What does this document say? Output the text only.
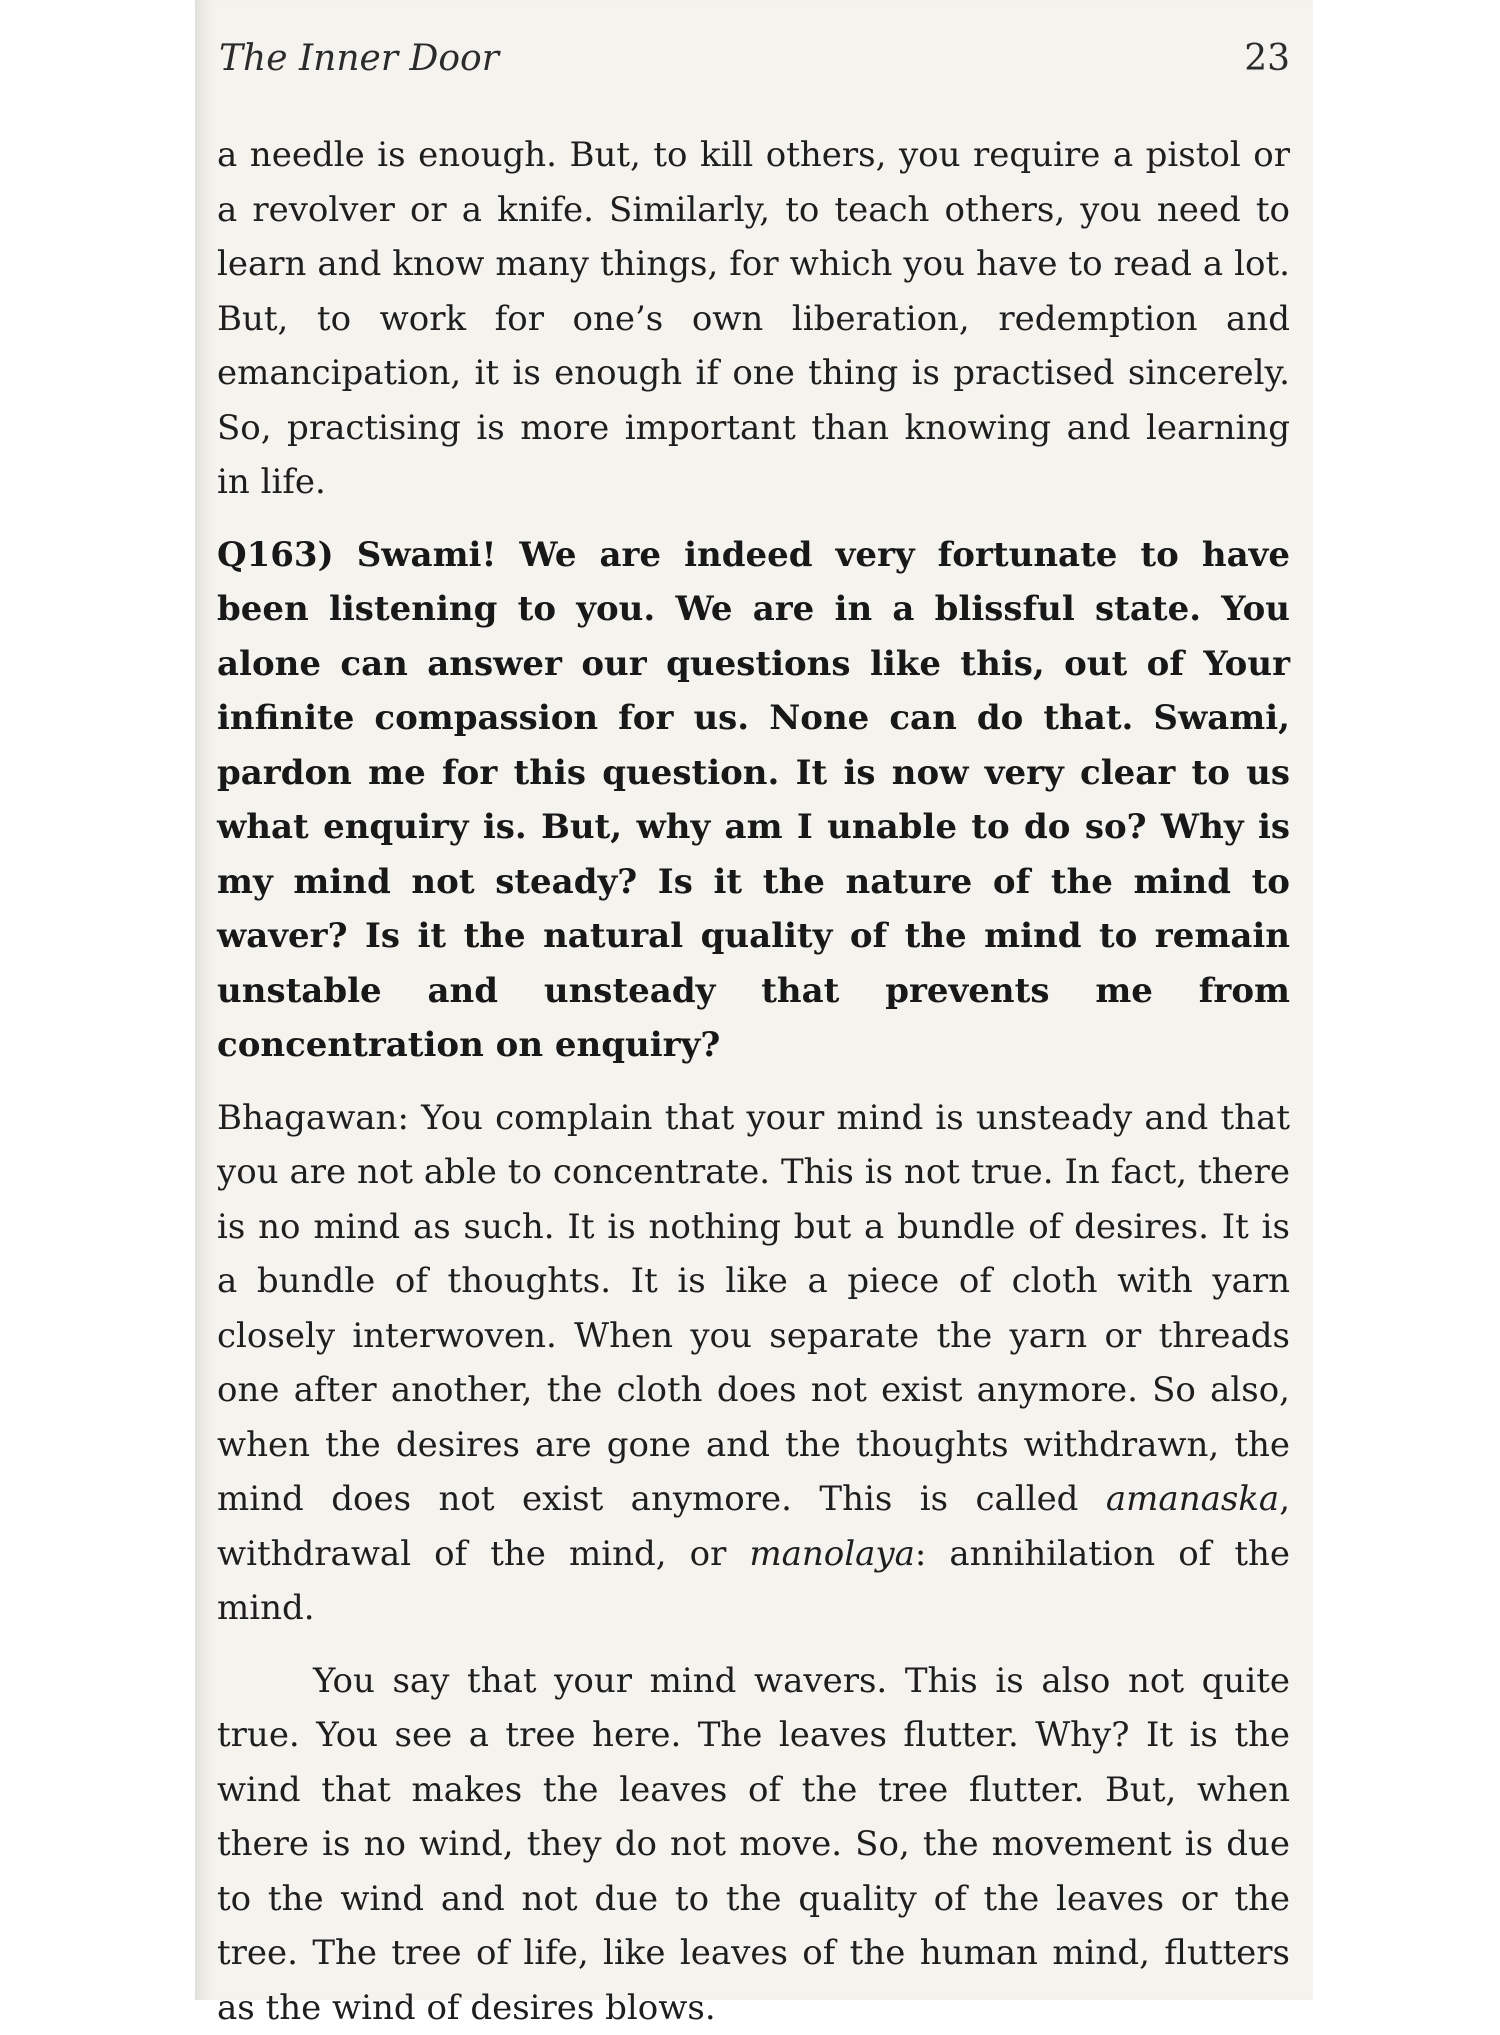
The Inner Door	23

a needle is enough. But, to kill others, you require a pistol or a revolver or a knife. Similarly, to teach others, you need to learn and know many things, for which you have to read a lot. But, to work for one’s own liberation, redemption and emancipation, it is enough if one thing is practised sincerely. So, practising is more important than knowing and learning in life.

Q163) Swami! We are indeed very fortunate to have been listening to you. We are in a blissful state. You alone can answer our questions like this, out of Your infinite compassion for us. None can do that. Swami, pardon me for this question. It is now very clear to us what enquiry is. But, why am I unable to do so? Why is my mind not steady? Is it the nature of the mind to waver? Is it the natural quality of the mind to remain unstable and unsteady that prevents me from concentration on enquiry?

Bhagawan: You complain that your mind is unsteady and that you are not able to concentrate. This is not true. In fact, there is no mind as such. It is nothing but a bundle of desires. It is a bundle of thoughts. It is like a piece of cloth with yarn closely interwoven. When you separate the yarn or threads one after another, the cloth does not exist anymore. So also, when the desires are gone and the thoughts withdrawn, the mind does not exist anymore. This is called amanaska, withdrawal of the mind, or manolaya: annihilation of the mind.

You say that your mind wavers. This is also not quite true. You see a tree here. The leaves flutter. Why? It is the wind that makes the leaves of the tree flutter. But, when there is no wind, they do not move. So, the movement is due to the wind and not due to the quality of the leaves or the tree. The tree of life, like leaves of the human mind, flutters as the wind of desires blows.
